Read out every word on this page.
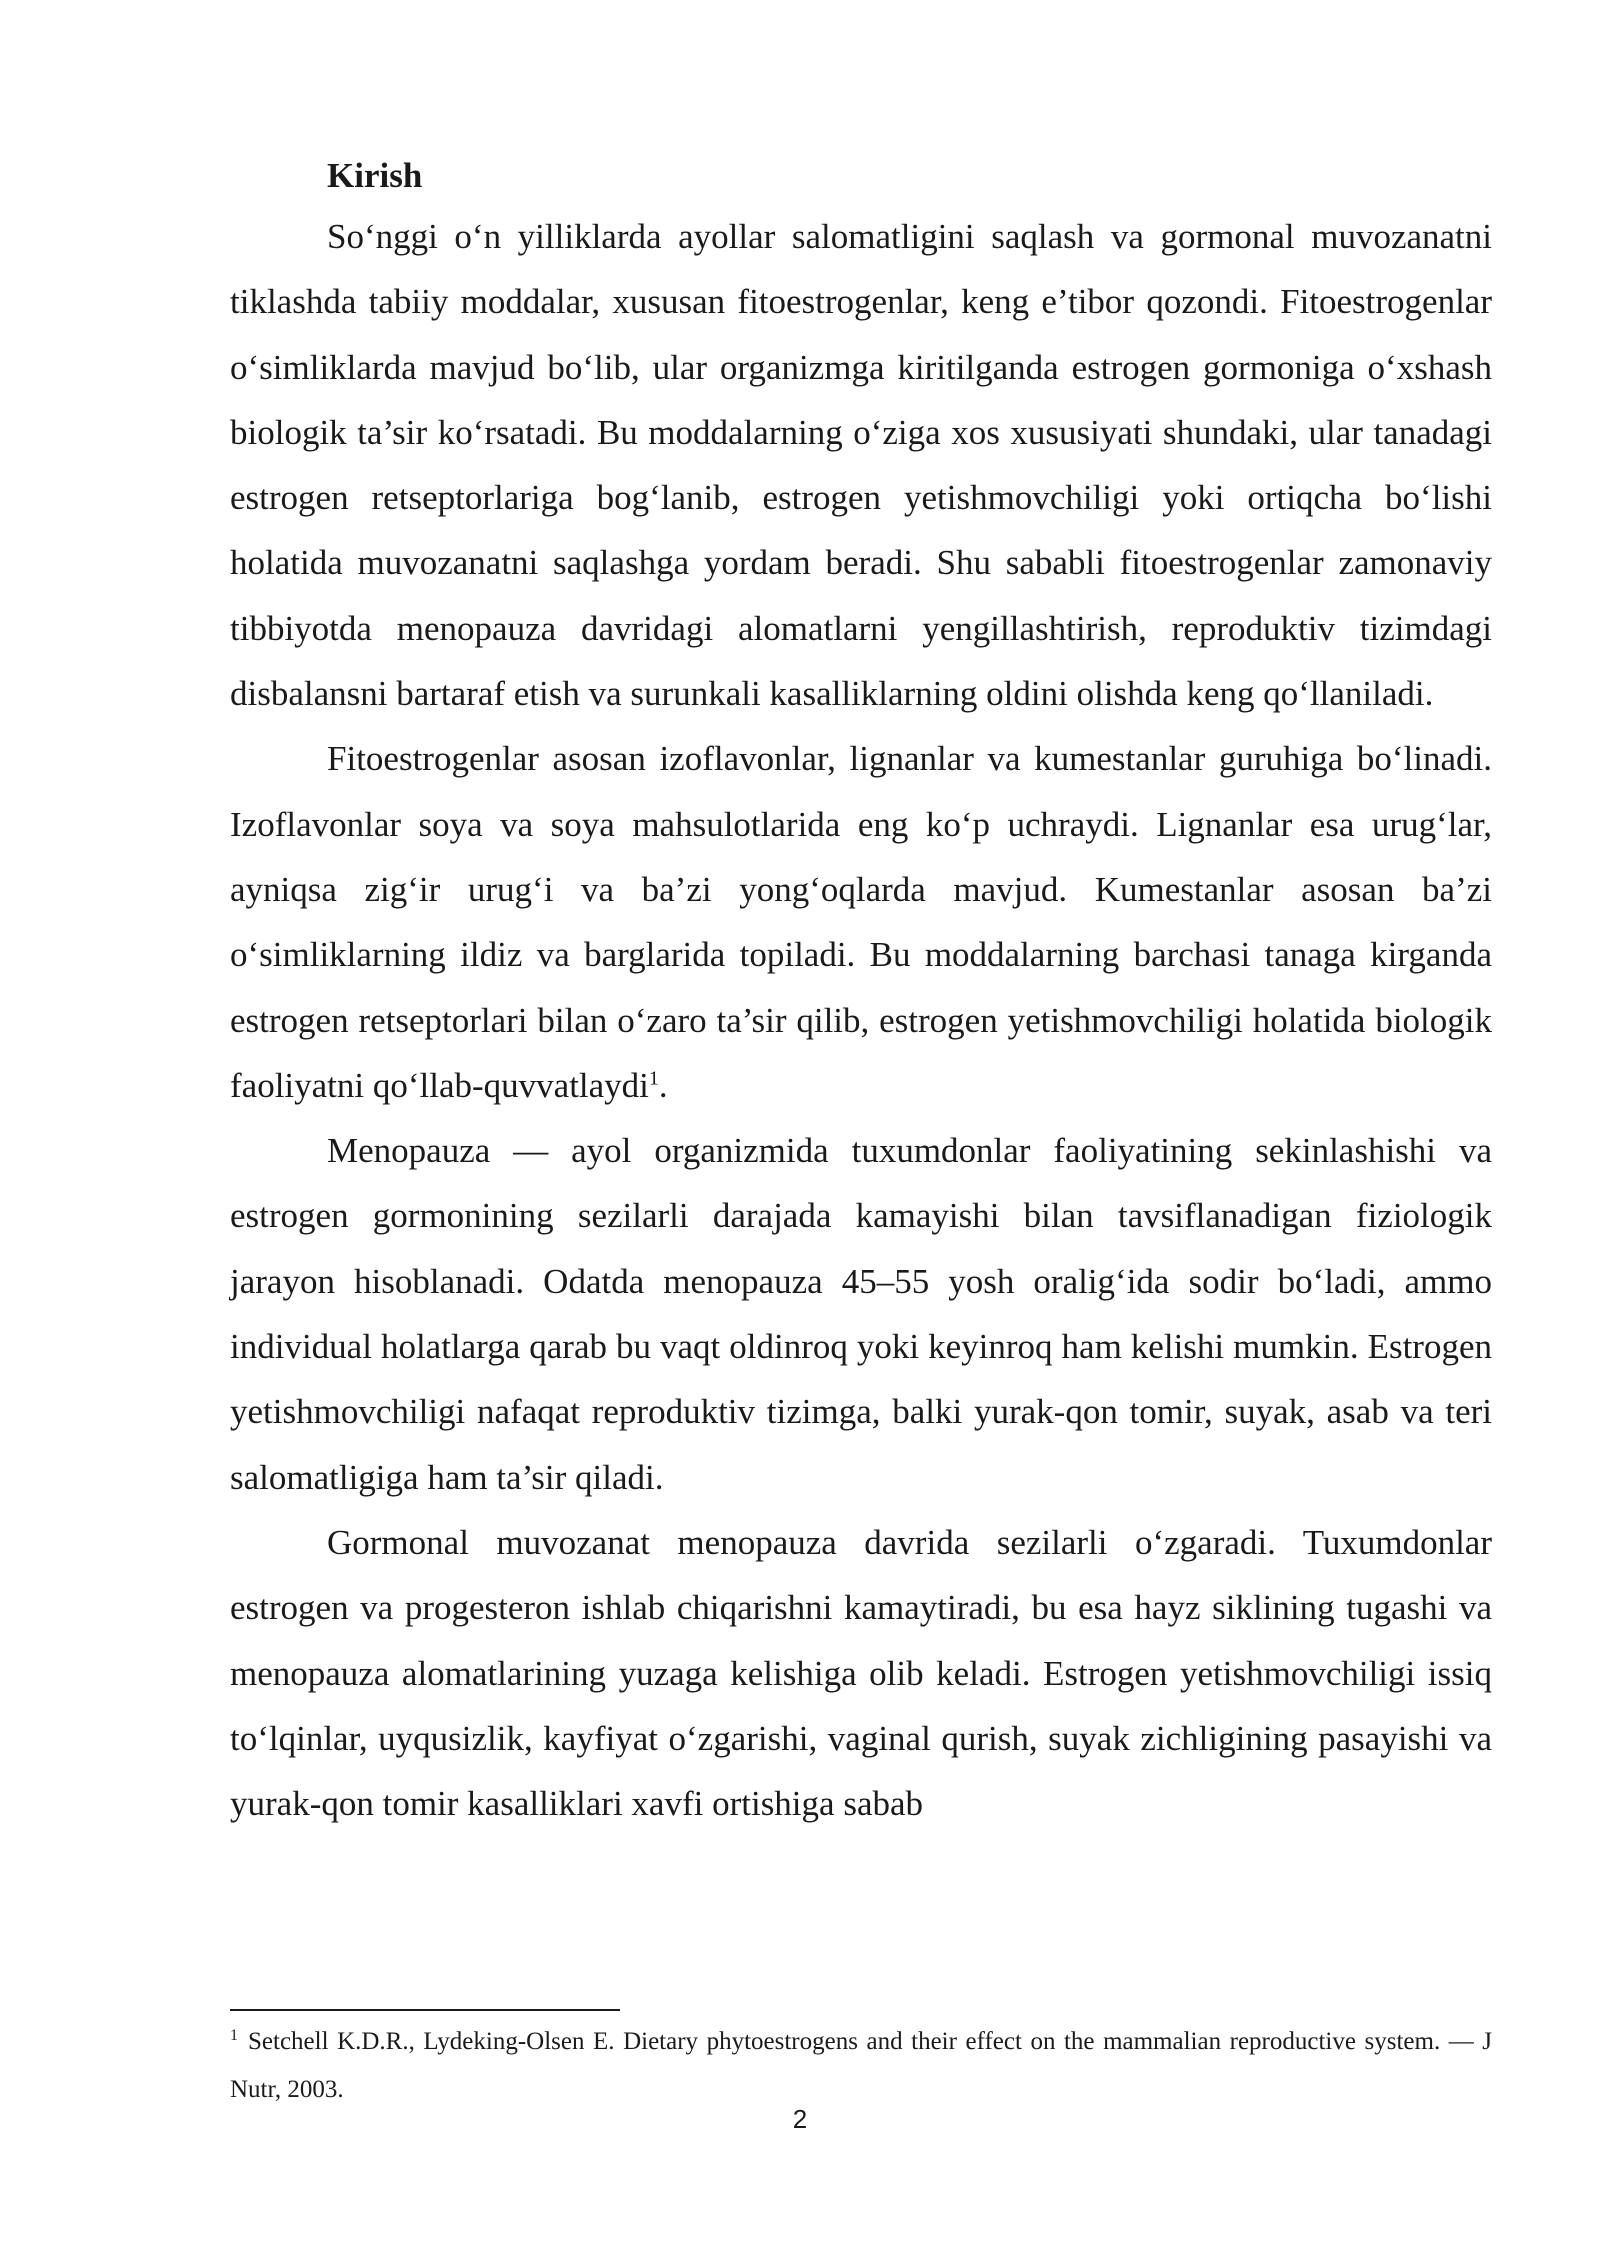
Kirish

So‘nggi o‘n yilliklarda ayollar salomatligini saqlash va gormonal muvozanatni tiklashda tabiiy moddalar, xususan fitoestrogenlar, keng e’tibor qozondi. Fitoestrogenlar o‘simliklarda mavjud bo‘lib, ular organizmga kiritilganda estrogen gormoniga o‘xshash biologik ta’sir ko‘rsatadi. Bu moddalarning o‘ziga xos xususiyati shundaki, ular tanadagi estrogen retseptorlariga bog‘lanib, estrogen yetishmovchiligi yoki ortiqcha bo‘lishi holatida muvozanatni saqlashga yordam beradi. Shu sababli fitoestrogenlar zamonaviy tibbiyotda menopauza davridagi alomatlarni yengillashtirish, reproduktiv tizimdagi disbalansni bartaraf etish va surunkali kasalliklarning oldini olishda keng qo‘llaniladi.

Fitoestrogenlar asosan izoflavonlar, lignanlar va kumestanlar guruhiga bo‘linadi. Izoflavonlar soya va soya mahsulotlarida eng ko‘p uchraydi. Lignanlar esa urug‘lar, ayniqsa zig‘ir urug‘i va ba’zi yong‘oqlarda mavjud. Kumestanlar asosan ba’zi o‘simliklarning ildiz va barglarida topiladi. Bu moddalarning barchasi tanaga kirganda estrogen retseptorlari bilan o‘zaro ta’sir qilib, estrogen yetishmovchiligi holatida biologik faoliyatni qo‘llab-quvvatlaydi$^1$.

Menopauza — ayol organizmida tuxumdonlar faoliyatining sekinlashishi va estrogen gormonining sezilarli darajada kamayishi bilan tavsiflanadigan fiziologik jarayon hisoblanadi. Odatda menopauza 45–55 yosh oralig‘ida sodir bo‘ladi, ammo individual holatlarga qarab bu vaqt oldinroq yoki keyinroq ham kelishi mumkin. Estrogen yetishmovchiligi nafaqat reproduktiv tizimga, balki yurak-qon tomir, suyak, asab va teri salomatligiga ham ta’sir qiladi.

Gormonal muvozanat menopauza davrida sezilarli o‘zgaradi. Tuxumdonlar estrogen va progesteron ishlab chiqarishni kamaytiradi, bu esa hayz siklining tugashi va menopauza alomatlarining yuzaga kelishiga olib keladi. Estrogen yetishmovchiligi issiq to‘lqinlar, uyqusizlik, kayfiyat o‘zgarishi, vaginal qurish, suyak zichligining pasayishi va yurak-qon tomir kasalliklari xavfi ortishiga sabab

$^1$ Setchell K.D.R., Lydeking-Olsen E. Dietary phytoestrogens and their effect on the mammalian reproductive system. — J Nutr, 2003.

2
